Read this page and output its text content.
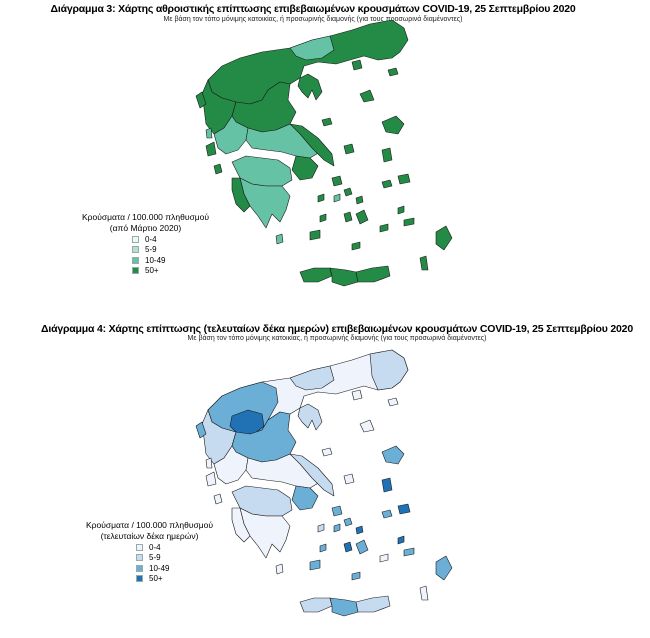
Διάγραμμα 3: Χάρτης αθροιστικής επίπτωσης επιβεβαιωμένων κρουσμάτων COVID-19, 25 Σεπτεμβρίου 2020
Με βάση τον τόπο μόνιμης κατοικίας, ή προσωρινής διαμονής (για τους προσωρινά διαμένοντες)
Κρούσματα / 100.000 πληθυσμού
(από Μάρτιο 2020)
0-4
5-9
10-49
50+
Διάγραμμα 4: Χάρτης επίπτωσης (τελευταίων δέκα ημερών) επιβεβαιωμένων κρουσμάτων COVID-19, 25 Σεπτεμβρίου 2020
Με βάση τον τόπο μόνιμης κατοικίας, ή προσωρινής διαμονής (για τους προσωρινά διαμένοντες)
Κρούσματα / 100.000 πληθυσμού
(τελευταίων δέκα ημερών)
0-4
5-9
10-49
50+
